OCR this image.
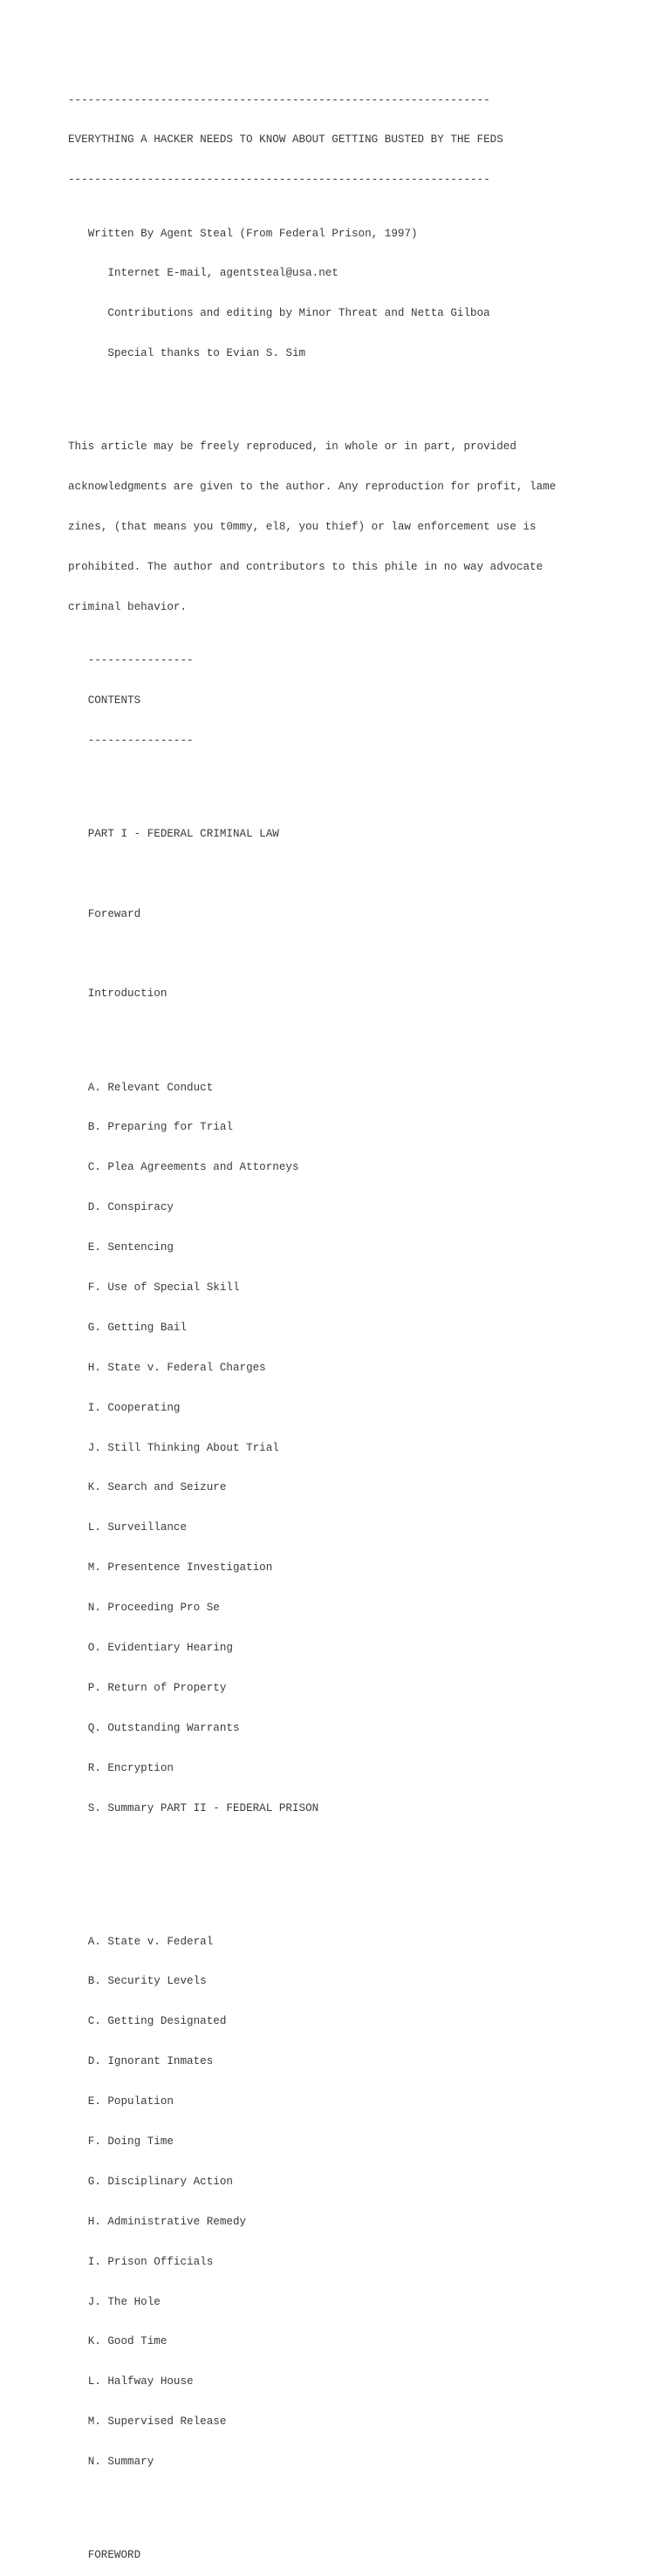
----------------------------------------------------------------

EVERYTHING A HACKER NEEDS TO KNOW ABOUT GETTING BUSTED BY THE FEDS

----------------------------------------------------------------

Written By Agent Steal (From Federal Prison, 1997)

Internet E-mail, agentsteal@usa.net

Contributions and editing by Minor Threat and Netta Gilboa

Special thanks to Evian S. Sim

This article may be freely reproduced, in whole or in part, provided

acknowledgments are given to the author. Any reproduction for profit, lame

zines, (that means you t0mmy, el8, you thief) or law enforcement use is

prohibited. The author and contributors to this phile in no way advocate

criminal behavior.

----------------

CONTENTS

----------------

PART I - FEDERAL CRIMINAL LAW

Foreward

Introduction

A. Relevant Conduct

B. Preparing for Trial

C. Plea Agreements and Attorneys

D. Conspiracy

E. Sentencing

F. Use of Special Skill

G. Getting Bail

H. State v. Federal Charges

I. Cooperating

J. Still Thinking About Trial

K. Search and Seizure

L. Surveillance

M. Presentence Investigation

N. Proceeding Pro Se

O. Evidentiary Hearing

P. Return of Property

Q. Outstanding Warrants

R. Encryption

S. Summary PART II - FEDERAL PRISON

A. State v. Federal

B. Security Levels

C. Getting Designated

D. Ignorant Inmates

E. Population

F. Doing Time

G. Disciplinary Action

H. Administrative Remedy

I. Prison Officials

J. The Hole

K. Good Time

L. Halfway House

M. Supervised Release

N. Summary

FOREWORD
